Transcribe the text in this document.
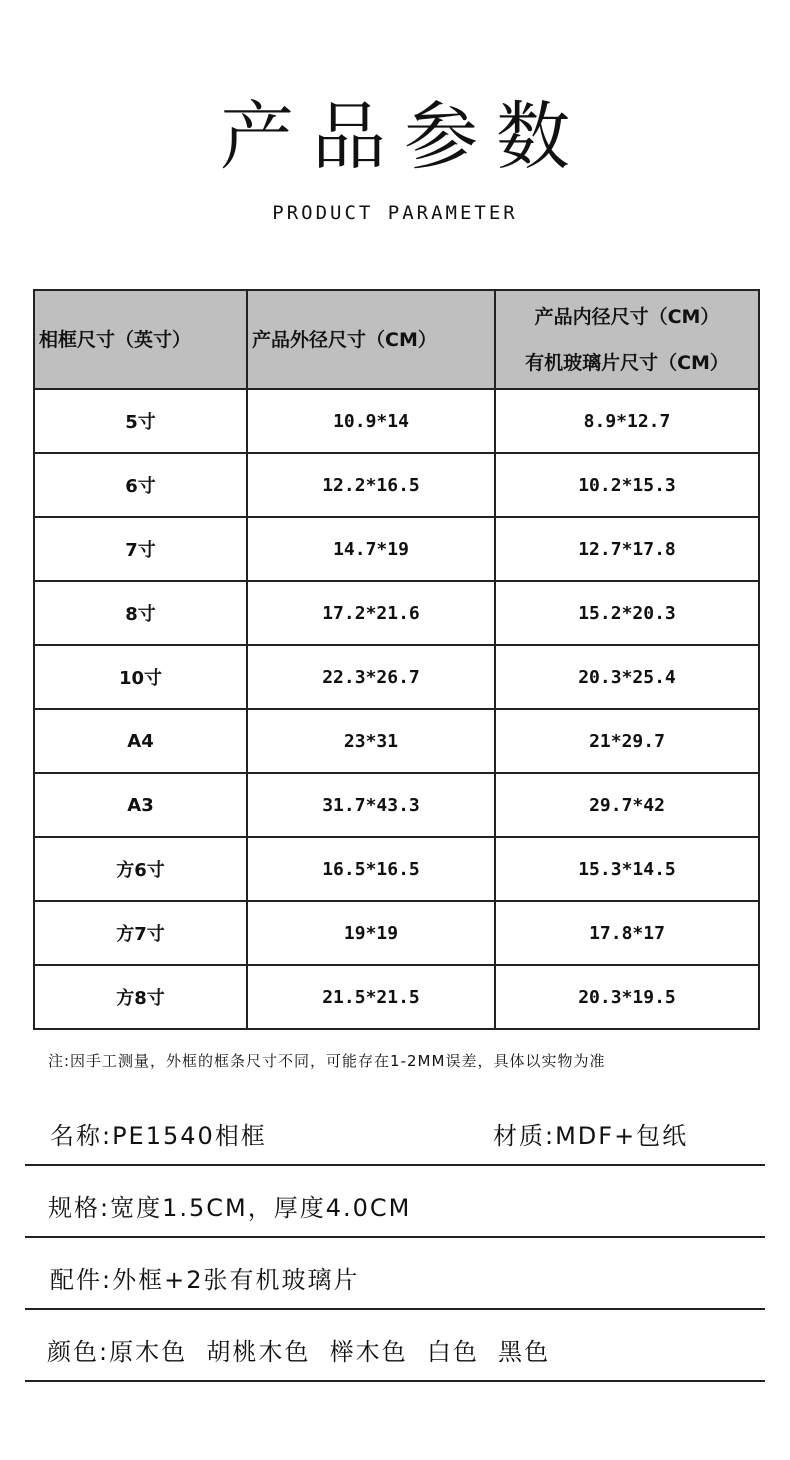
产品参数
PRODUCT PARAMETER
相框尺寸（英寸）	产品外径尺寸（CM）	产品内径尺寸（CM）
有机玻璃片尺寸（CM）

5寸	10.9*14	8.9*12.7
6寸	12.2*16.5	10.2*15.3
7寸	14.7*19	12.7*17.8
8寸	17.2*21.6	15.2*20.3
10寸	22.3*26.7	20.3*25.4
A4	23*31	21*29.7
A3	31.7*43.3	29.7*42
方6寸	16.5*16.5	15.3*14.5
方7寸	19*19	17.8*17
方8寸	21.5*21.5	20.3*19.5
注:因手工测量，外框的框条尺寸不同，可能存在1-2MM误差，具体以实物为准
名称:PE1540相框	材质:MDF+包纸
规格:宽度1.5CM，厚度4.0CM
配件:外框+2张有机玻璃片
颜色:原木色  胡桃木色  榉木色  白色  黑色
